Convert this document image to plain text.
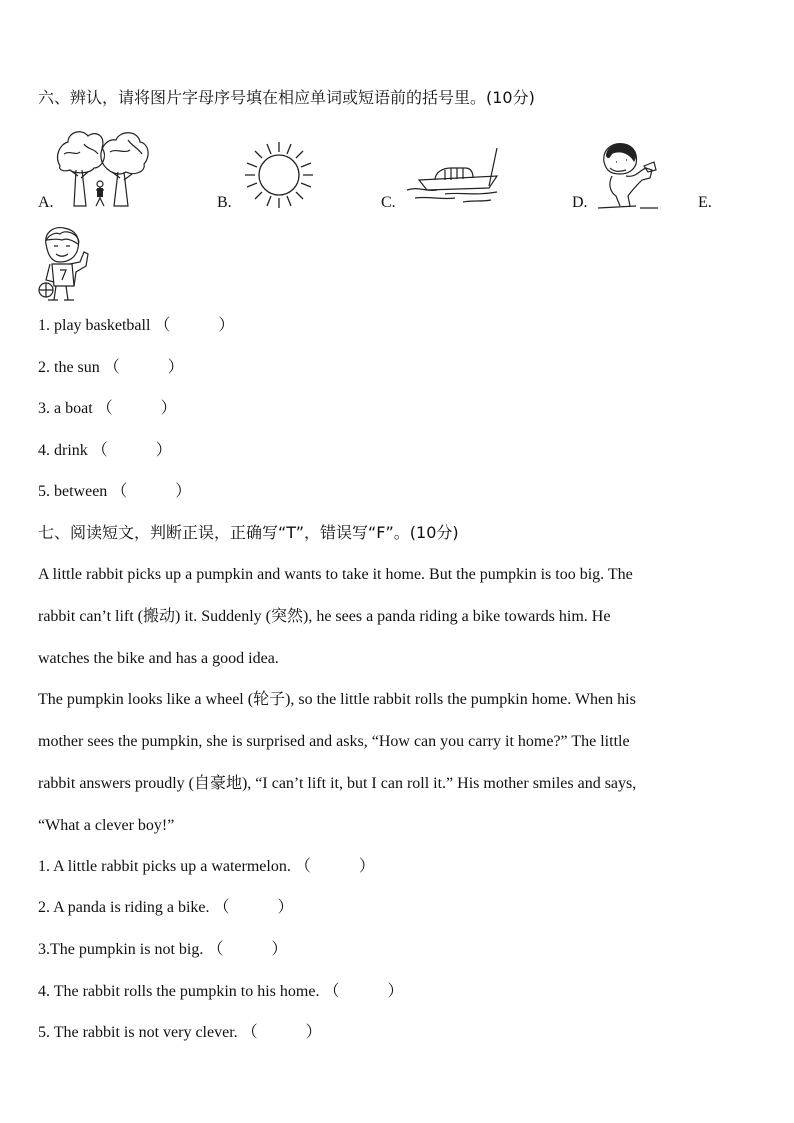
六、辨认，请将图片字母序号填在相应单词或短语前的括号里。(10分)
A.	B.	C.	D.	E.
1. play basketball （　　　）
2. the sun （　　　）
3. a boat （　　　）
4. drink （　　　）
5. between （　　　）
七、阅读短文，判断正误，正确写“T”，错误写“F”。(10分)
A little rabbit picks up a pumpkin and wants to take it home. But the pumpkin is too big. The
rabbit can’t lift (搬动) it. Suddenly (突然), he sees a panda riding a bike towards him. He
watches the bike and has a good idea.
The pumpkin looks like a wheel (轮子), so the little rabbit rolls the pumpkin home. When his
mother sees the pumpkin, she is surprised and asks, “How can you carry it home?” The little
rabbit answers proudly (自豪地), “I can’t lift it, but I can roll it.” His mother smiles and says,
“What a clever boy!”
1. A little rabbit picks up a watermelon. （　　　）
2. A panda is riding a bike. （　　　）
3.The pumpkin is not big. （　　　）
4. The rabbit rolls the pumpkin to his home. （　　　）
5. The rabbit is not very clever. （　　　）
